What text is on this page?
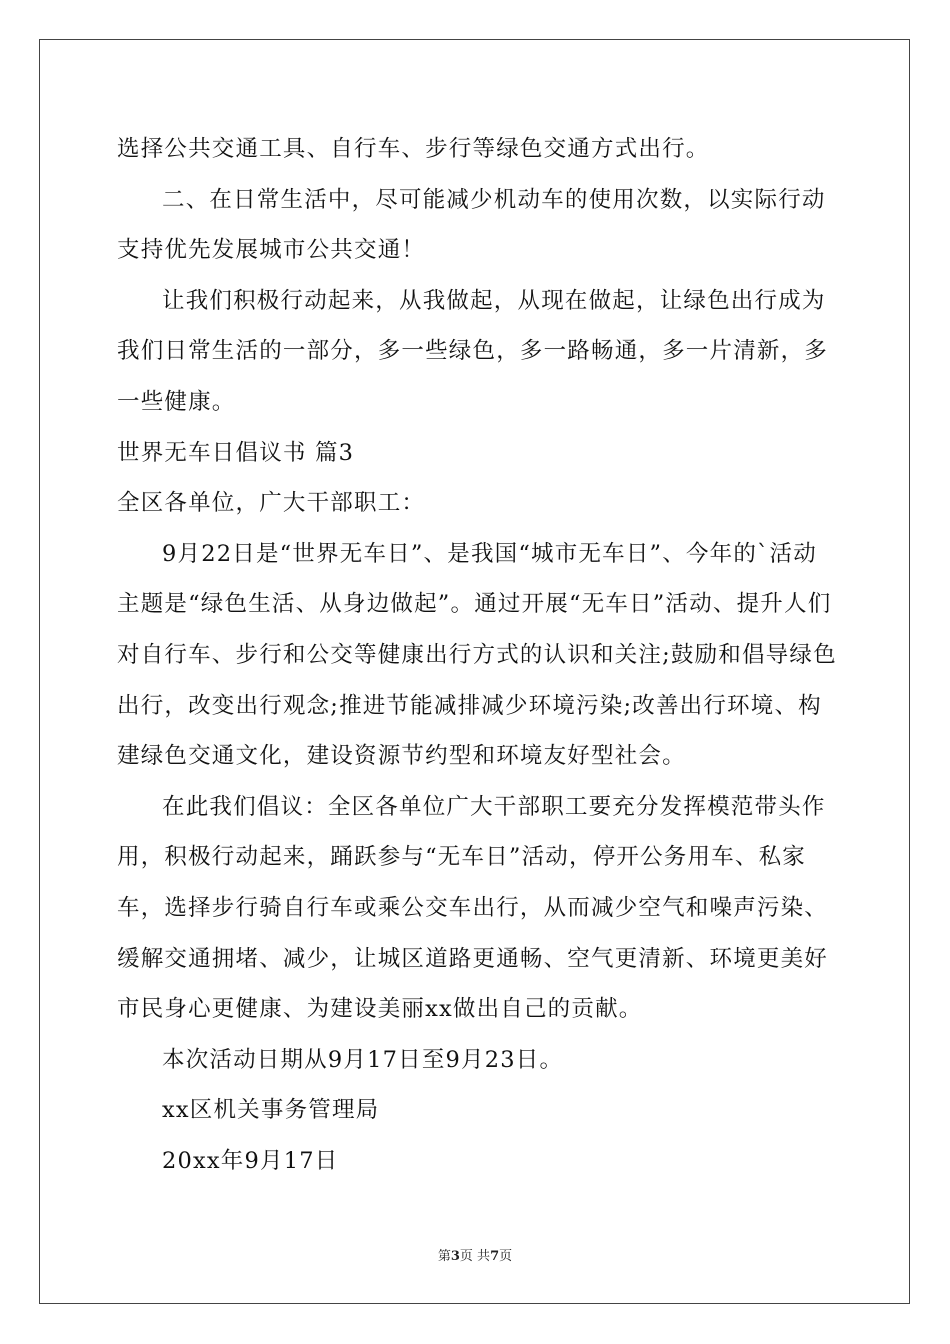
选择公共交通工具、自行车、步行等绿色交通方式出行。

二、在日常生活中，尽可能减少机动车的使用次数，以实际行动支持优先发展城市公共交通！

让我们积极行动起来，从我做起，从现在做起，让绿色出行成为我们日常生活的一部分，多一些绿色，多一路畅通，多一片清新，多一些健康。

世界无车日倡议书 篇3

全区各单位，广大干部职工：

9月22日是“世界无车日”、是我国“城市无车日”、今年的`活动主题是“绿色生活、从身边做起”。通过开展“无车日”活动、提升人们对自行车、步行和公交等健康出行方式的认识和关注;鼓励和倡导绿色出行，改变出行观念;推进节能减排减少环境污染;改善出行环境、构建绿色交通文化，建设资源节约型和环境友好型社会。

在此我们倡议：全区各单位广大干部职工要充分发挥模范带头作用，积极行动起来，踊跃参与“无车日”活动，停开公务用车、私家车，选择步行骑自行车或乘公交车出行，从而减少空气和噪声污染、缓解交通拥堵、减少，让城区道路更通畅、空气更清新、环境更美好市民身心更健康、为建设美丽xx做出自己的贡献。

本次活动日期从9月17日至9月23日。

xx区机关事务管理局

20xx年9月17日

第3页 共7页
